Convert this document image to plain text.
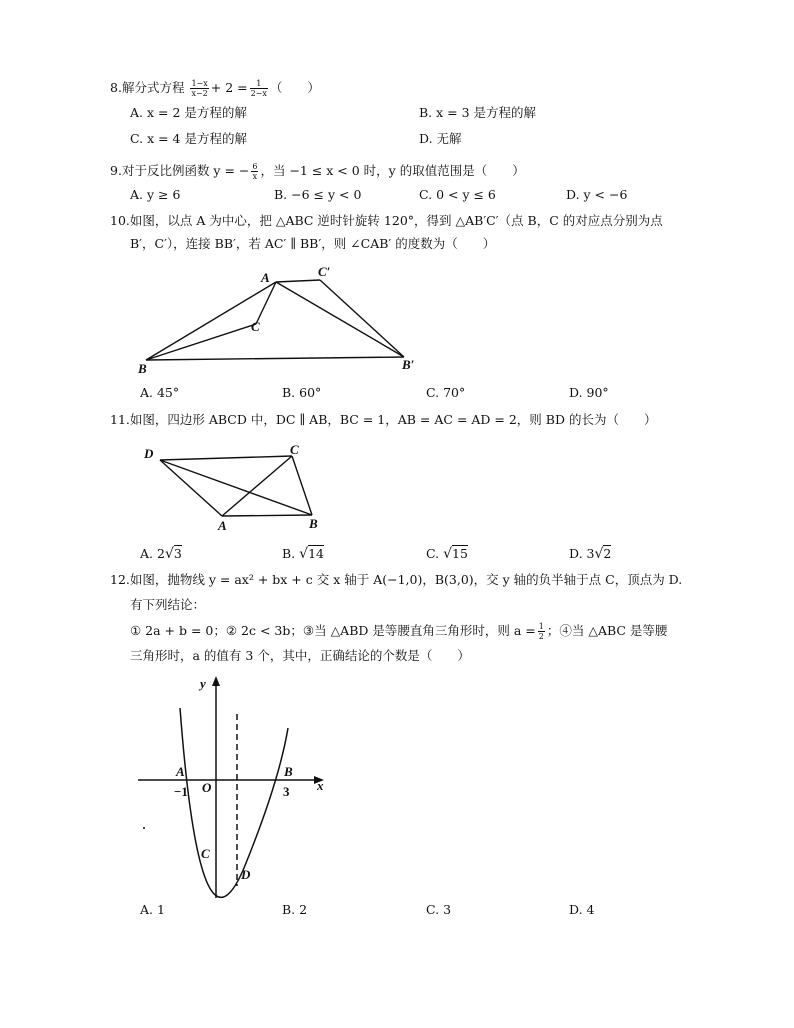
8.解分式方程 $\frac{1-x}{x-2} + 2 = \frac{1}{2-x}$ （　　）
A. x = 2 是方程的解	B. x = 3 是方程的解
C. x = 4 是方程的解	D. 无解
9.对于反比例函数 y = − $\frac{6}{x}$ ，当 −1 ≤ x < 0 时，y 的取值范围是（　　）
A. y ≥ 6	B. −6 ≤ y < 0	C. 0 < y ≤ 6	D. y < −6
10.如图，以点 A 为中心，把 △ABC 逆时针旋转 120°，得到 △AB′C′（点 B，C 的对应点分别为点
B′，C′），连接 BB′，若 AC′ ∥ BB′，则 ∠CAB′ 的度数为（　　）
A	C′
C
B	B′
A. 45°	B. 60°	C. 70°	D. 90°
11.如图，四边形 ABCD 中，DC ∥ AB，BC = 1，AB = AC = AD = 2，则 BD 的长为（　　）
D	C
A	B
A. 2√3	B. √14	C. √15	D. 3√2
12.如图，抛物线 y = ax² + bx + c 交 x 轴于 A(−1,0)，B(3,0)，交 y 轴的负半轴于点 C，顶点为 D.
有下列结论：
① 2a + b = 0；② 2c < 3b；③当 △ABD 是等腰直角三角形时，则 $a = \frac{1}{2}$ ；④当 △ABC 是等腰
三角形时，a 的值有 3 个，其中，正确结论的个数是（　　）
y
x
A
O
B
−1	3
C
D
A. 1	B. 2	C. 3	D. 4
